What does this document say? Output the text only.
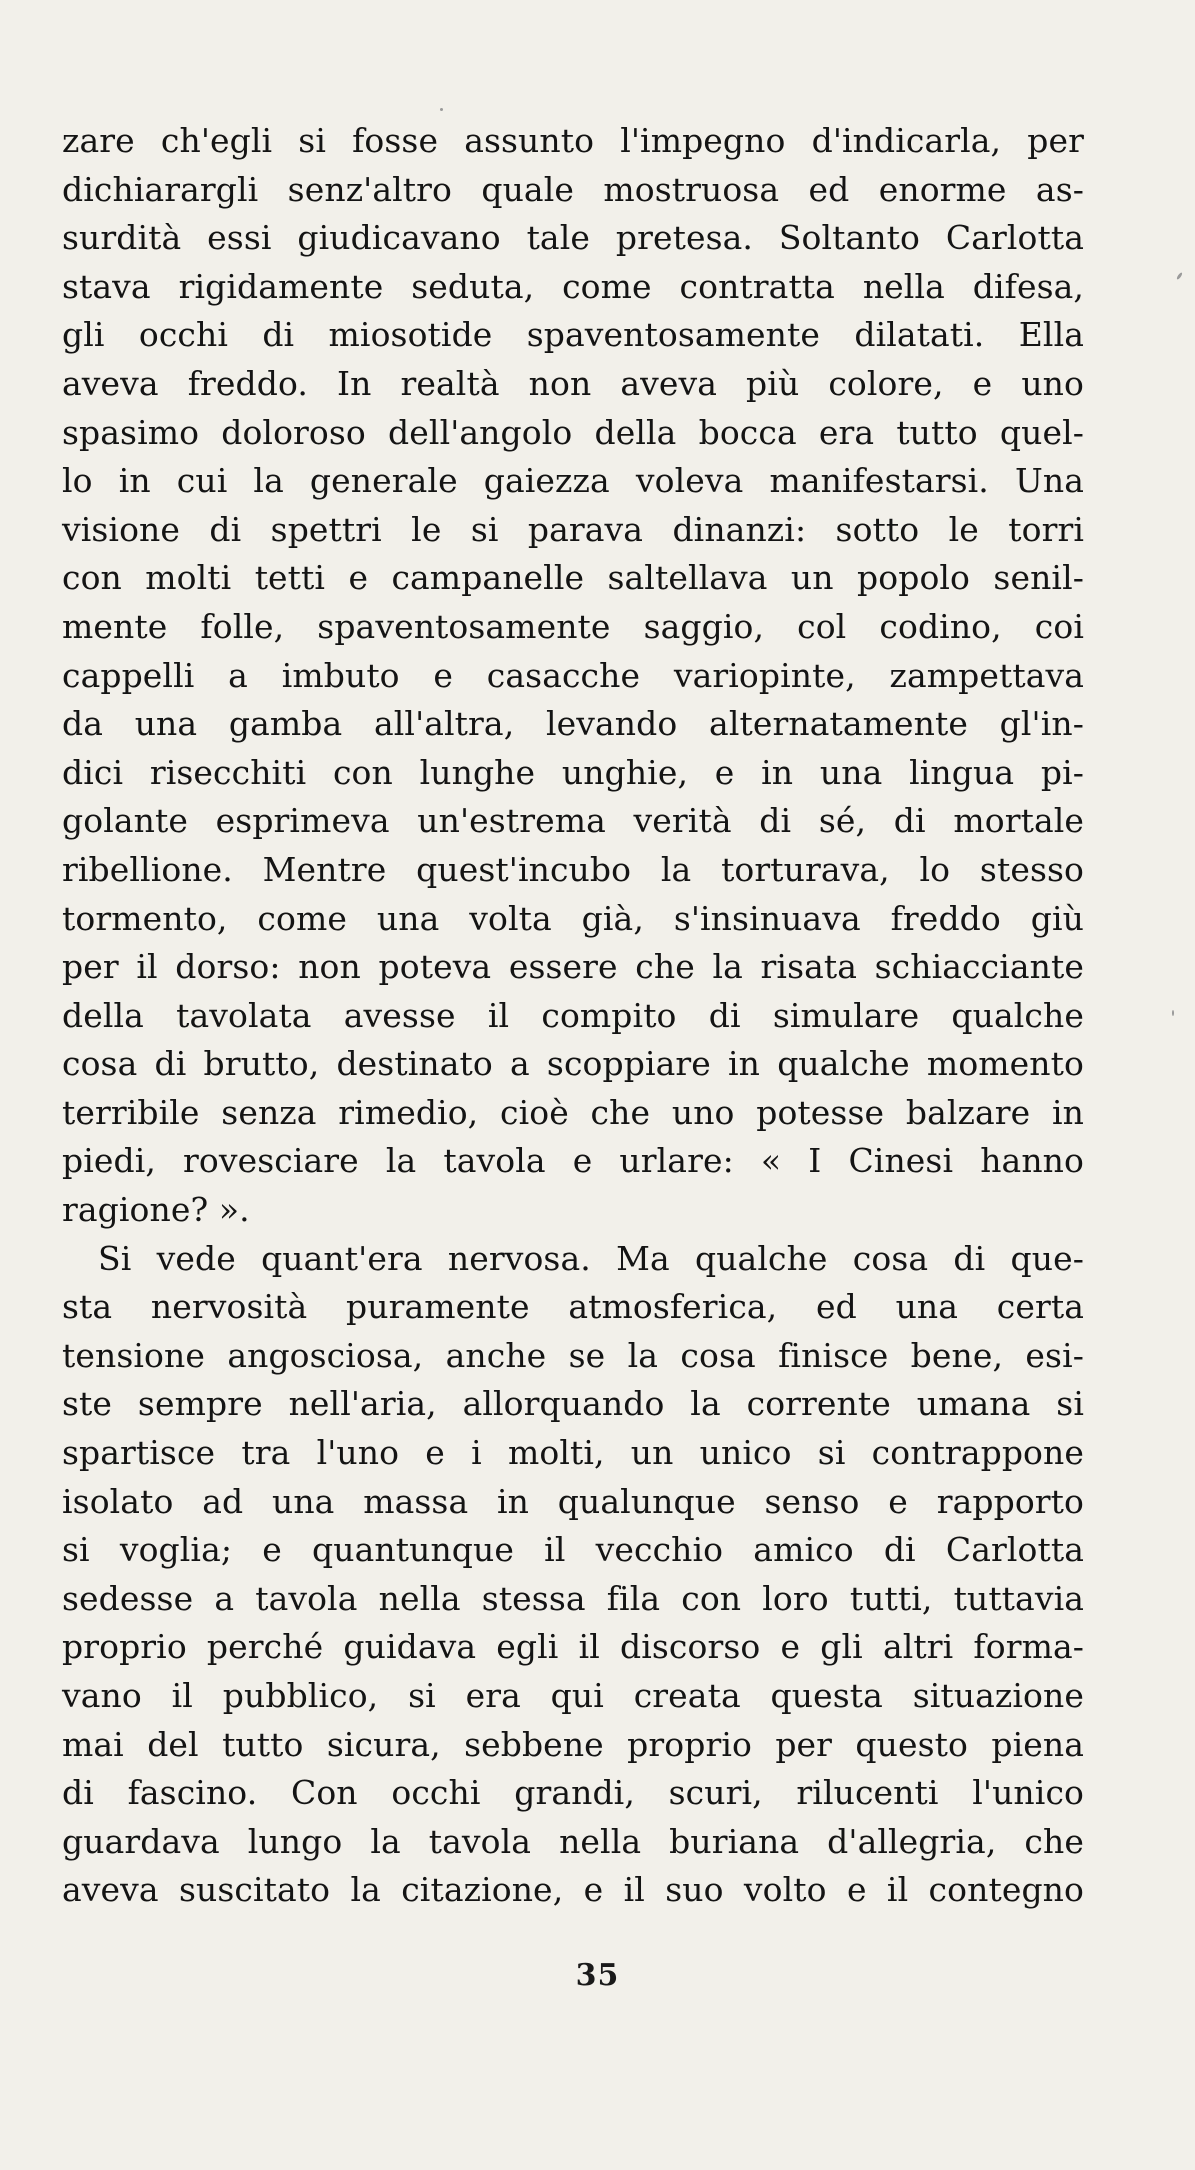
zare ch'egli si fosse assunto l'impegno d'indicarla, per
dichiarargli senz'altro quale mostruosa ed enorme as-
surdità essi giudicavano tale pretesa. Soltanto Carlotta
stava rigidamente seduta, come contratta nella difesa,
gli occhi di miosotide spaventosamente dilatati. Ella
aveva freddo. In realtà non aveva più colore, e uno
spasimo doloroso dell'angolo della bocca era tutto quel-
lo in cui la generale gaiezza voleva manifestarsi. Una
visione di spettri le si parava dinanzi: sotto le torri
con molti tetti e campanelle saltellava un popolo senil-
mente folle, spaventosamente saggio, col codino, coi
cappelli a imbuto e casacche variopinte, zampettava
da una gamba all'altra, levando alternatamente gl'in-
dici risecchiti con lunghe unghie, e in una lingua pi-
golante esprimeva un'estrema verità di sé, di mortale
ribellione. Mentre quest'incubo la torturava, lo stesso
tormento, come una volta già, s'insinuava freddo giù
per il dorso: non poteva essere che la risata schiacciante
della tavolata avesse il compito di simulare qualche
cosa di brutto, destinato a scoppiare in qualche momento
terribile senza rimedio, cioè che uno potesse balzare in
piedi, rovesciare la tavola e urlare: « I Cinesi hanno
ragione? ».
Si vede quant'era nervosa. Ma qualche cosa di que-
sta nervosità puramente atmosferica, ed una certa
tensione angosciosa, anche se la cosa finisce bene, esi-
ste sempre nell'aria, allorquando la corrente umana si
spartisce tra l'uno e i molti, un unico si contrappone
isolato ad una massa in qualunque senso e rapporto
si voglia; e quantunque il vecchio amico di Carlotta
sedesse a tavola nella stessa fila con loro tutti, tuttavia
proprio perché guidava egli il discorso e gli altri forma-
vano il pubblico, si era qui creata questa situazione
mai del tutto sicura, sebbene proprio per questo piena
di fascino. Con occhi grandi, scuri, rilucenti l'unico
guardava lungo la tavola nella buriana d'allegria, che
aveva suscitato la citazione, e il suo volto e il contegno
35
